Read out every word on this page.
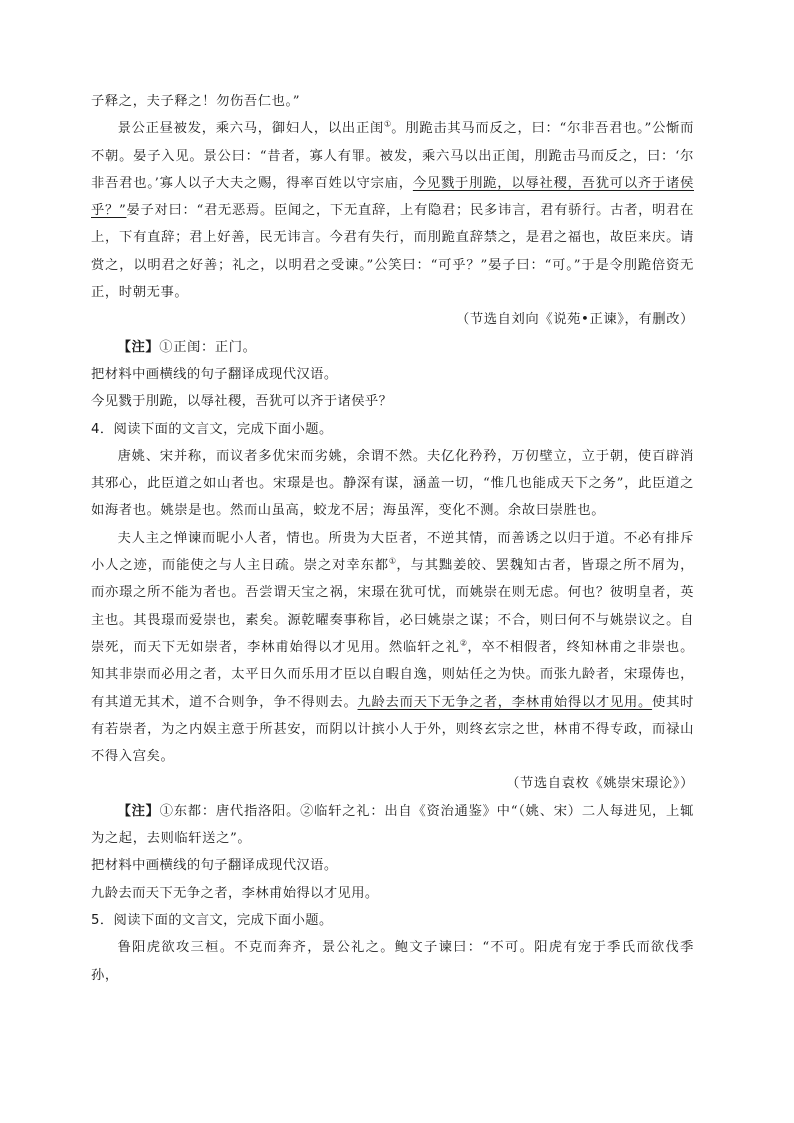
子释之，夫子释之！勿伤吾仁也。”

景公正昼被发，乘六马，御妇人，以出正闺①。刖跪击其马而反之，曰：“尔非吾君也。”公惭而不朝。晏子入见。景公曰：“昔者，寡人有罪。被发，乘六马以出正闺，刖跪击马而反之，曰：‘尔非吾君也。’寡人以子大夫之赐，得率百姓以守宗庙，今见戮于刖跪，以辱社稷，吾犹可以齐于诸侯乎？”晏子对曰：“君无恶焉。臣闻之，下无直辞，上有隐君；民多讳言，君有骄行。古者，明君在上，下有直辞；君上好善，民无讳言。今君有失行，而刖跪直辞禁之，是君之福也，故臣来庆。请赏之，以明君之好善；礼之，以明君之受谏。”公笑曰：“可乎？”晏子曰：“可。”于是令刖跪倍资无正，时朝无事。

（节选自刘向《说苑•正谏》，有删改）

【注】①正闺：正门。

把材料中画横线的句子翻译成现代汉语。

今见戮于刖跪，以辱社稷，吾犹可以齐于诸侯乎？

4．阅读下面的文言文，完成下面小题。

唐姚、宋并称，而议者多优宋而劣姚，余谓不然。夫亿化矜矜，万仞壁立，立于朝，使百辟消其邪心，此臣道之如山者也。宋璟是也。静深有谋，涵盖一切，“惟几也能成天下之务”，此臣道之如海者也。姚崇是也。然而山虽高，蛟龙不居；海虽浑，变化不测。余故曰崇胜也。

夫人主之惮谏而昵小人者，情也。所贵为大臣者，不逆其情，而善诱之以归于道。不必有排斥小人之迹，而能使之与人主日疏。崇之对幸东都①，与其黜姜皎、罢魏知古者，皆璟之所不屑为，而亦璟之所不能为者也。吾尝谓天宝之祸，宋璟在犹可忧，而姚崇在则无虑。何也？彼明皇者，英主也。其畏璟而爱崇也，素矣。源乾曜奏事称旨，必曰姚崇之谋；不合，则曰何不与姚崇议之。自崇死，而天下无如崇者，李林甫始得以才见用。然临轩之礼②，卒不相假者，终知林甫之非崇也。知其非崇而必用之者，太平日久而乐用才臣以自暇自逸，则姑任之为快。而张九龄者，宋璟俦也，有其道无其术，道不合则争，争不得则去。九龄去而天下无争之者，李林甫始得以才见用。使其时有若崇者，为之内娱主意于所甚安，而阴以计摈小人于外，则终玄宗之世，林甫不得专政，而禄山不得入宫矣。

（节选自袁枚《姚崇宋璟论》）

【注】①东都：唐代指洛阳。②临轩之礼：出自《资治通鉴》中“（姚、宋）二人每进见，上辄为之起，去则临轩送之”。

把材料中画横线的句子翻译成现代汉语。

九龄去而天下无争之者，李林甫始得以才见用。

5．阅读下面的文言文，完成下面小题。

鲁阳虎欲攻三桓。不克而奔齐，景公礼之。鲍文子谏曰：“不可。阳虎有宠于季氏而欲伐季孙，
